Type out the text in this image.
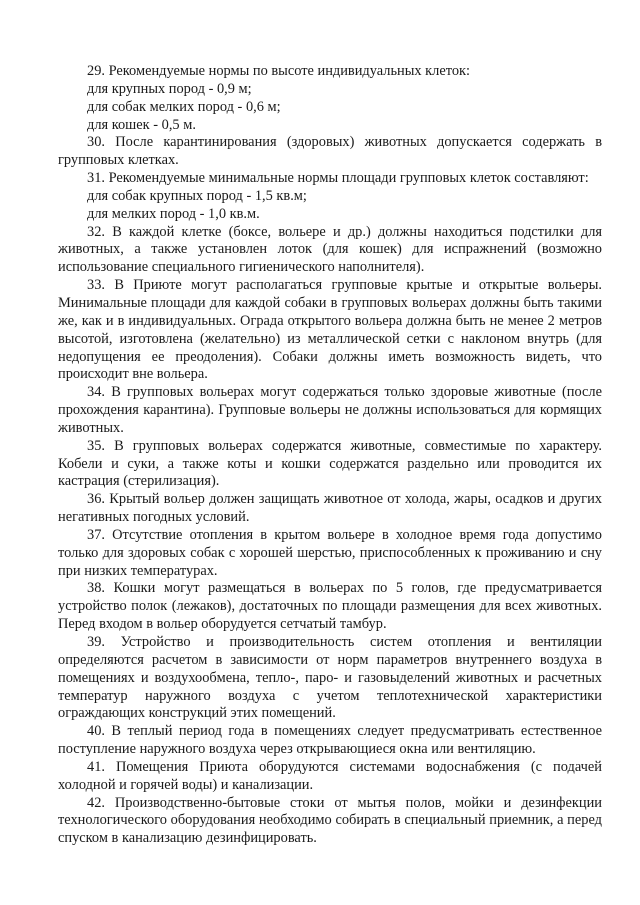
29. Рекомендуемые нормы по высоте индивидуальных клеток:

для крупных пород - 0,9 м;

для собак мелких пород - 0,6 м;

для кошек - 0,5 м.

30. После карантинирования (здоровых) животных допускается содержать в групповых клетках.

31. Рекомендуемые минимальные нормы площади групповых клеток составляют:

для собак крупных пород - 1,5 кв.м;

для мелких пород - 1,0 кв.м.

32. В каждой клетке (боксе, вольере и др.) должны находиться подстилки для животных, а также установлен лоток (для кошек) для испражнений (возможно использование специального гигиенического наполнителя).

33. В Приюте могут располагаться групповые крытые и открытые вольеры. Минимальные площади для каждой собаки в групповых вольерах должны быть такими же, как и в индивидуальных. Ограда открытого вольера должна быть не менее 2 метров высотой, изготовлена (желательно) из металлической сетки с наклоном внутрь (для недопущения ее преодоления). Собаки должны иметь возможность видеть, что происходит вне вольера.

34. В групповых вольерах могут содержаться только здоровые животные (после прохождения карантина). Групповые вольеры не должны использоваться для кормящих животных.

35. В групповых вольерах содержатся животные, совместимые по характеру. Кобели и суки, а также коты и кошки содержатся раздельно или проводится их кастрация (стерилизация).

36. Крытый вольер должен защищать животное от холода, жары, осадков и других негативных погодных условий.

37. Отсутствие отопления в крытом вольере в холодное время года допустимо только для здоровых собак с хорошей шерстью, приспособленных к проживанию и сну при низких температурах.

38. Кошки могут размещаться в вольерах по 5 голов, где предусматривается устройство полок (лежаков), достаточных по площади размещения для всех животных. Перед входом в вольер оборудуется сетчатый тамбур.

39. Устройство и производительность систем отопления и вентиляции определяются расчетом в зависимости от норм параметров внутреннего воздуха в помещениях и воздухообмена, тепло-, паро- и газовыделений животных и расчетных температур наружного воздуха с учетом теплотехнической характеристики ограждающих конструкций этих помещений.

40. В теплый период года в помещениях следует предусматривать естественное поступление наружного воздуха через открывающиеся окна или вентиляцию.

41. Помещения Приюта оборудуются системами водоснабжения (с подачей холодной и горячей воды) и канализации.

42. Производственно-бытовые стоки от мытья полов, мойки и дезинфекции технологического оборудования необходимо собирать в специальный приемник, а перед спуском в канализацию дезинфицировать.
